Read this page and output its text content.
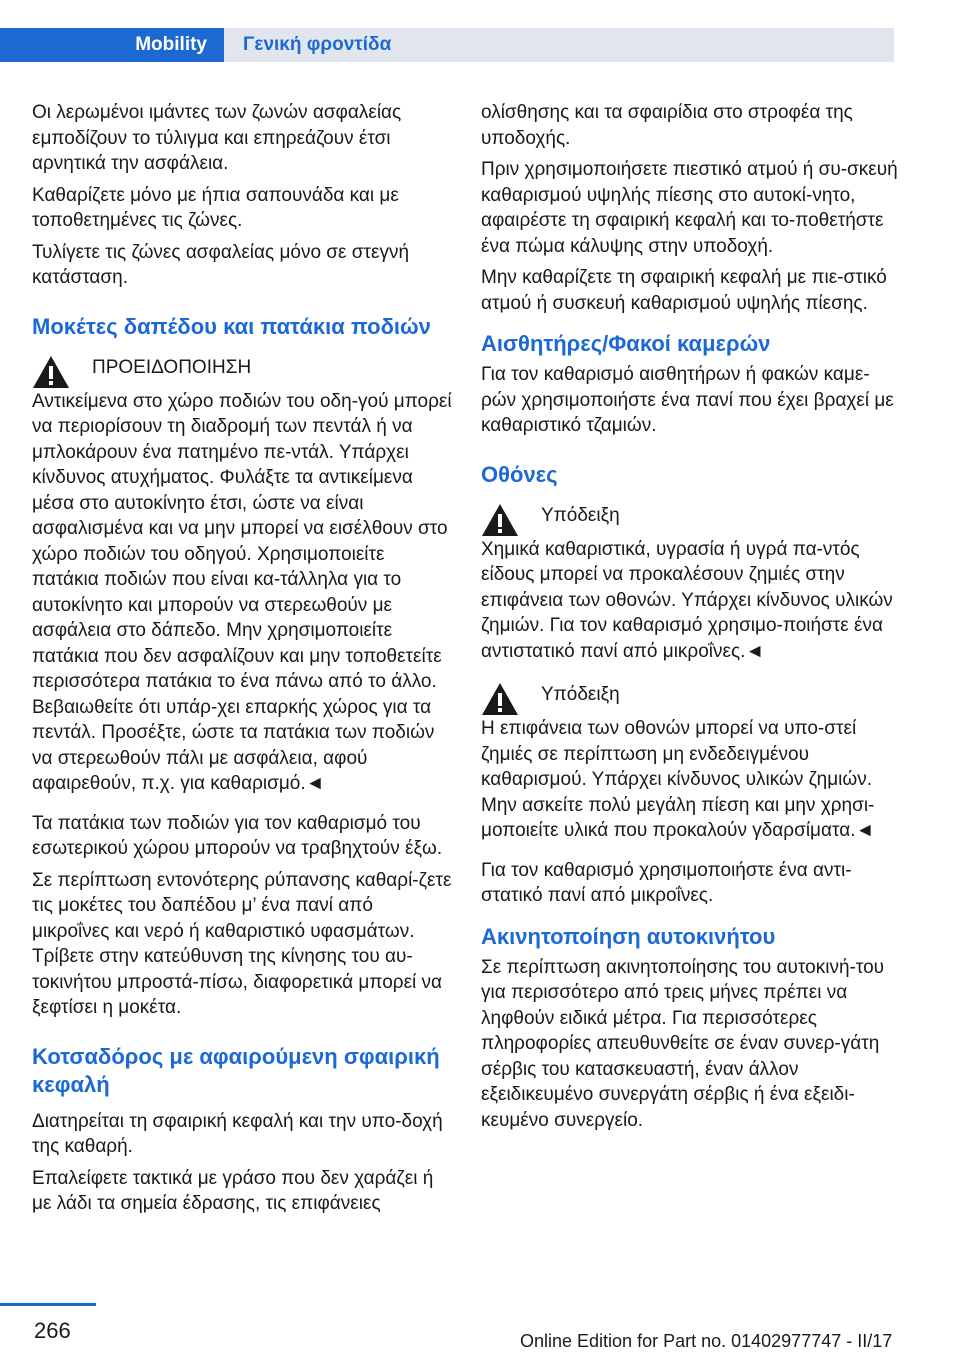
Mobility	Γενική φροντίδα

Οι λερωμένοι ιμάντες των ζωνών ασφαλείας εμποδίζουν το τύλιγμα και επηρεάζουν έτσι αρνητικά την ασφάλεια.

Καθαρίζετε μόνο με ήπια σαπουνάδα και με τοποθετημένες τις ζώνες.

Τυλίγετε τις ζώνες ασφαλείας μόνο σε στεγνή κατάσταση.

Μοκέτες δαπέδου και πατάκια ποδιών
ΠΡΟΕΙΔΟΠΟΙΗΣΗ
Αντικείμενα στο χώρο ποδιών του οδη-γού μπορεί να περιορίσουν τη διαδρομή των πεντάλ ή να μπλοκάρουν ένα πατημένο πε-ντάλ. Υπάρχει κίνδυνος ατυχήματος. Φυλάξτε τα αντικείμενα μέσα στο αυτοκίνητο έτσι, ώστε να είναι ασφαλισμένα και να μην μπορεί να εισέλθουν στο χώρο ποδιών του οδηγού. Χρησιμοποιείτε πατάκια ποδιών που είναι κα-τάλληλα για το αυτοκίνητο και μπορούν να στερεωθούν με ασφάλεια στο δάπεδο. Μην χρησιμοποιείτε πατάκια που δεν ασφαλίζουν και μην τοποθετείτε περισσότερα πατάκια το ένα πάνω από το άλλο. Βεβαιωθείτε ότι υπάρ-χει επαρκής χώρος για τα πεντάλ. Προσέξτε, ώστε τα πατάκια των ποδιών να στερεωθούν πάλι με ασφάλεια, αφού αφαιρεθούν, π.χ. για καθαρισμό.◄

Τα πατάκια των ποδιών για τον καθαρισμό του εσωτερικού χώρου μπορούν να τραβηχτούν έξω.

Σε περίπτωση εντονότερης ρύπανσης καθαρί-ζετε τις μοκέτες του δαπέδου μ’ ένα πανί από μικροΐνες και νερό ή καθαριστικό υφασμάτων. Τρίβετε στην κατεύθυνση της κίνησης του αυ-τοκινήτου μπροστά-πίσω, διαφορετικά μπορεί να ξεφτίσει η μοκέτα.

Κοτσαδόρος με αφαιρούμενη σφαιρική κεφαλή

Διατηρείται τη σφαιρική κεφαλή και την υπο-δοχή της καθαρή.

Επαλείφετε τακτικά με γράσο που δεν χαράζει ή με λάδι τα σημεία έδρασης, τις επιφάνειες

ολίσθησης και τα σφαιρίδια στο στροφέα της υποδοχής.

Πριν χρησιμοποιήσετε πιεστικό ατμού ή συ-σκευή καθαρισμού υψηλής πίεσης στο αυτοκί-νητο, αφαιρέστε τη σφαιρική κεφαλή και το-ποθετήστε ένα πώμα κάλυψης στην υποδοχή.

Μην καθαρίζετε τη σφαιρική κεφαλή με πιε-στικό ατμού ή συσκευή καθαρισμού υψηλής πίεσης.

Αισθητήρες/Φακοί καμερών

Για τον καθαρισμό αισθητήρων ή φακών καμε-ρών χρησιμοποιήστε ένα πανί που έχει βραχεί με καθαριστικό τζαμιών.

Οθόνες
Υπόδειξη
Χημικά καθαριστικά, υγρασία ή υγρά πα-ντός είδους μπορεί να προκαλέσουν ζημιές στην επιφάνεια των οθονών. Υπάρχει κίνδυνος υλικών ζημιών. Για τον καθαρισμό χρησιμο-ποιήστε ένα αντιστατικό πανί από μικροΐνες.◄
Υπόδειξη
Η επιφάνεια των οθονών μπορεί να υπο-στεί ζημιές σε περίπτωση μη ενδεδειγμένου καθαρισμού. Υπάρχει κίνδυνος υλικών ζημιών. Μην ασκείτε πολύ μεγάλη πίεση και μην χρησι-μοποιείτε υλικά που προκαλούν γδαρσίματα.◄

Για τον καθαρισμό χρησιμοποιήστε ένα αντι-στατικό πανί από μικροΐνες.

Ακινητοποίηση αυτοκινήτου

Σε περίπτωση ακινητοποίησης του αυτοκινή-του για περισσότερο από τρεις μήνες πρέπει να ληφθούν ειδικά μέτρα. Για περισσότερες πληροφορίες απευθυνθείτε σε έναν συνερ-γάτη σέρβις του κατασκευαστή, έναν άλλον εξειδικευμένο συνεργάτη σέρβις ή ένα εξειδι-κευμένο συνεργείο.

266	Online Edition for Part no. 01402977747 - II/17
